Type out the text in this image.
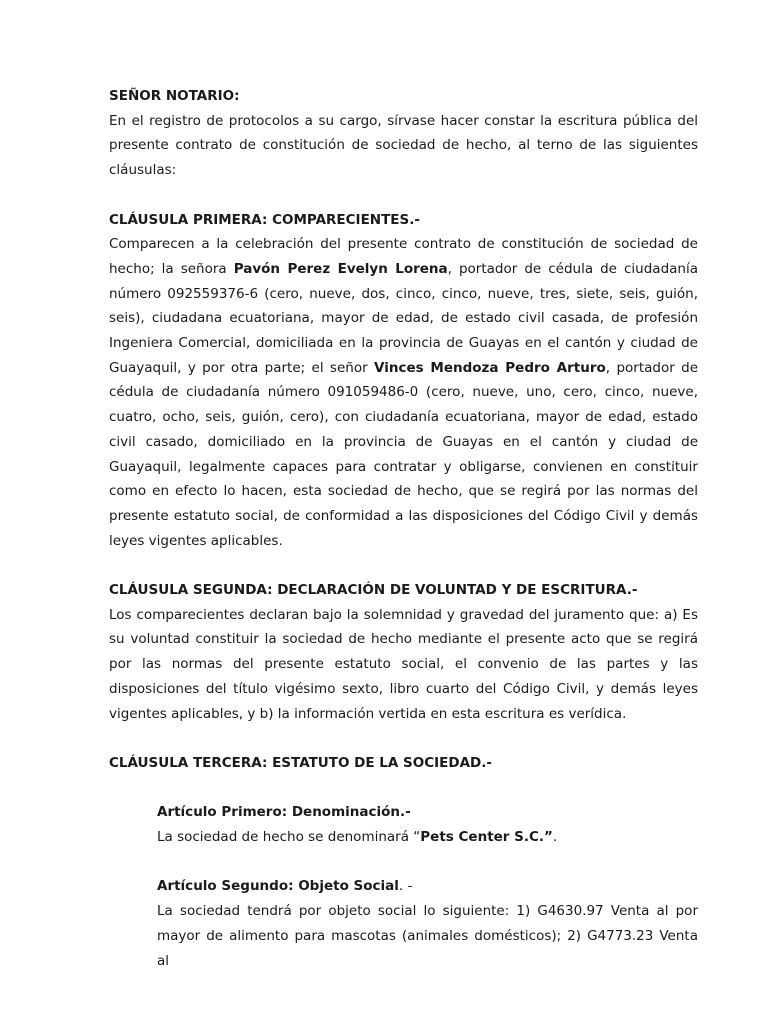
SEÑOR NOTARIO:

En el registro de protocolos a su cargo, sírvase hacer constar la escritura pública del presente contrato de constitución de sociedad de hecho, al terno de las siguientes cláusulas:

CLÁUSULA PRIMERA: COMPARECIENTES.-

Comparecen a la celebración del presente contrato de constitución de sociedad de hecho; la señora Pavón Perez Evelyn Lorena, portador de cédula de ciudadanía número 092559376-6 (cero, nueve, dos, cinco, cinco, nueve, tres, siete, seis, guión, seis), ciudadana ecuatoriana, mayor de edad, de estado civil casada, de profesión Ingeniera Comercial, domiciliada en la provincia de Guayas en el cantón y ciudad de Guayaquil, y por otra parte; el señor Vinces Mendoza Pedro Arturo, portador de cédula de ciudadanía número 091059486-0 (cero, nueve, uno, cero, cinco, nueve, cuatro, ocho, seis, guión, cero), con ciudadanía ecuatoriana, mayor de edad, estado civil casado, domiciliado en la provincia de Guayas en el cantón y ciudad de Guayaquil, legalmente capaces para contratar y obligarse, convienen en constituir como en efecto lo hacen, esta sociedad de hecho, que se regirá por las normas del presente estatuto social, de conformidad a las disposiciones del Código Civil y demás leyes vigentes aplicables.

CLÁUSULA SEGUNDA: DECLARACIÓN DE VOLUNTAD Y DE ESCRITURA.-

Los comparecientes declaran bajo la solemnidad y gravedad del juramento que: a) Es su voluntad constituir la sociedad de hecho mediante el presente acto que se regirá por las normas del presente estatuto social, el convenio de las partes y las disposiciones del título vigésimo sexto, libro cuarto del Código Civil, y demás leyes vigentes aplicables, y b) la información vertida en esta escritura es verídica.

CLÁUSULA TERCERA: ESTATUTO DE LA SOCIEDAD.-

Artículo Primero: Denominación.-

La sociedad de hecho se denominará “Pets Center S.C.”.

Artículo Segundo: Objeto Social. -

La sociedad tendrá por objeto social lo siguiente: 1) G4630.97 Venta al por mayor de alimento para mascotas (animales domésticos); 2) G4773.23 Venta al
